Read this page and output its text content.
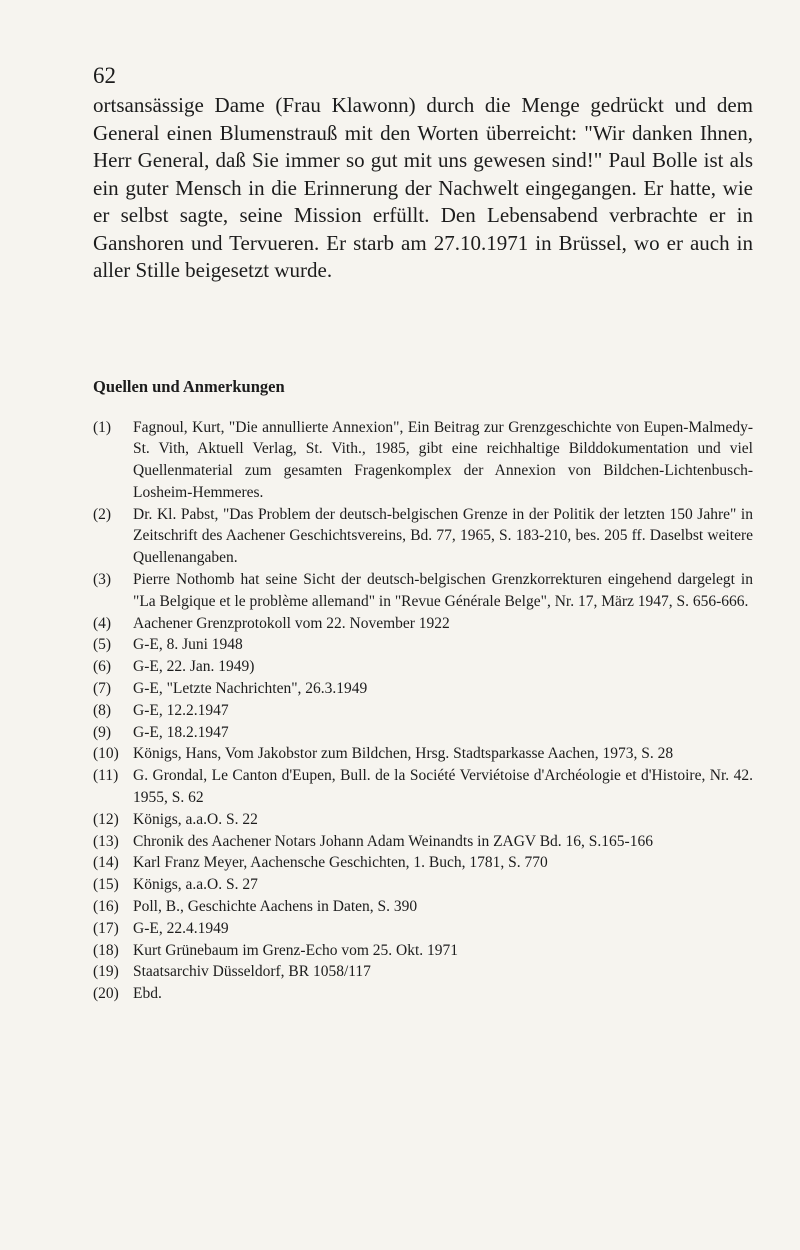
62

ortsansässige Dame (Frau Klawonn) durch die Menge gedrückt und dem General einen Blumenstrauß mit den Worten überreicht: "Wir danken Ihnen, Herr General, daß Sie immer so gut mit uns gewesen sind!" Paul Bolle ist als ein guter Mensch in die Erinnerung der Nachwelt eingegangen. Er hatte, wie er selbst sagte, seine Mission erfüllt. Den Lebensabend verbrachte er in Ganshoren und Tervueren. Er starb am 27.10.1971 in Brüssel, wo er auch in aller Stille beigesetzt wurde.

Quellen und Anmerkungen
(1) Fagnoul, Kurt, "Die annullierte Annexion", Ein Beitrag zur Grenzgeschichte von Eupen-Malmedy-St. Vith, Aktuell Verlag, St. Vith., 1985, gibt eine reichhaltige Bilddokumentation und viel Quellenmaterial zum gesamten Fragenkomplex der Annexion von Bildchen-Lichtenbusch-Losheim-Hemmeres.
(2) Dr. Kl. Pabst, "Das Problem der deutsch-belgischen Grenze in der Politik der letzten 150 Jahre" in Zeitschrift des Aachener Geschichtsvereins, Bd. 77, 1965, S. 183-210, bes. 205 ff. Daselbst weitere Quellenangaben.
(3) Pierre Nothomb hat seine Sicht der deutsch-belgischen Grenzkorrekturen eingehend dargelegt in "La Belgique et le problème allemand" in "Revue Générale Belge", Nr. 17, März 1947, S. 656-666.
(4) Aachener Grenzprotokoll vom 22. November 1922
(5) G-E, 8. Juni 1948
(6) G-E, 22. Jan. 1949)
(7) G-E, "Letzte Nachrichten", 26.3.1949
(8) G-E, 12.2.1947
(9) G-E, 18.2.1947
(10) Königs, Hans, Vom Jakobstor zum Bildchen, Hrsg. Stadtsparkasse Aachen, 1973, S. 28
(11) G. Grondal, Le Canton d'Eupen, Bull. de la Société Verviétoise d'Archéologie et d'Histoire, Nr. 42. 1955, S. 62
(12) Königs, a.a.O. S. 22
(13) Chronik des Aachener Notars Johann Adam Weinandts in ZAGV Bd. 16, S.165-166
(14) Karl Franz Meyer, Aachensche Geschichten, 1. Buch, 1781, S. 770
(15) Königs, a.a.O. S. 27
(16) Poll, B., Geschichte Aachens in Daten, S. 390
(17) G-E, 22.4.1949
(18) Kurt Grünebaum im Grenz-Echo vom 25. Okt. 1971
(19) Staatsarchiv Düsseldorf, BR 1058/117
(20) Ebd.
